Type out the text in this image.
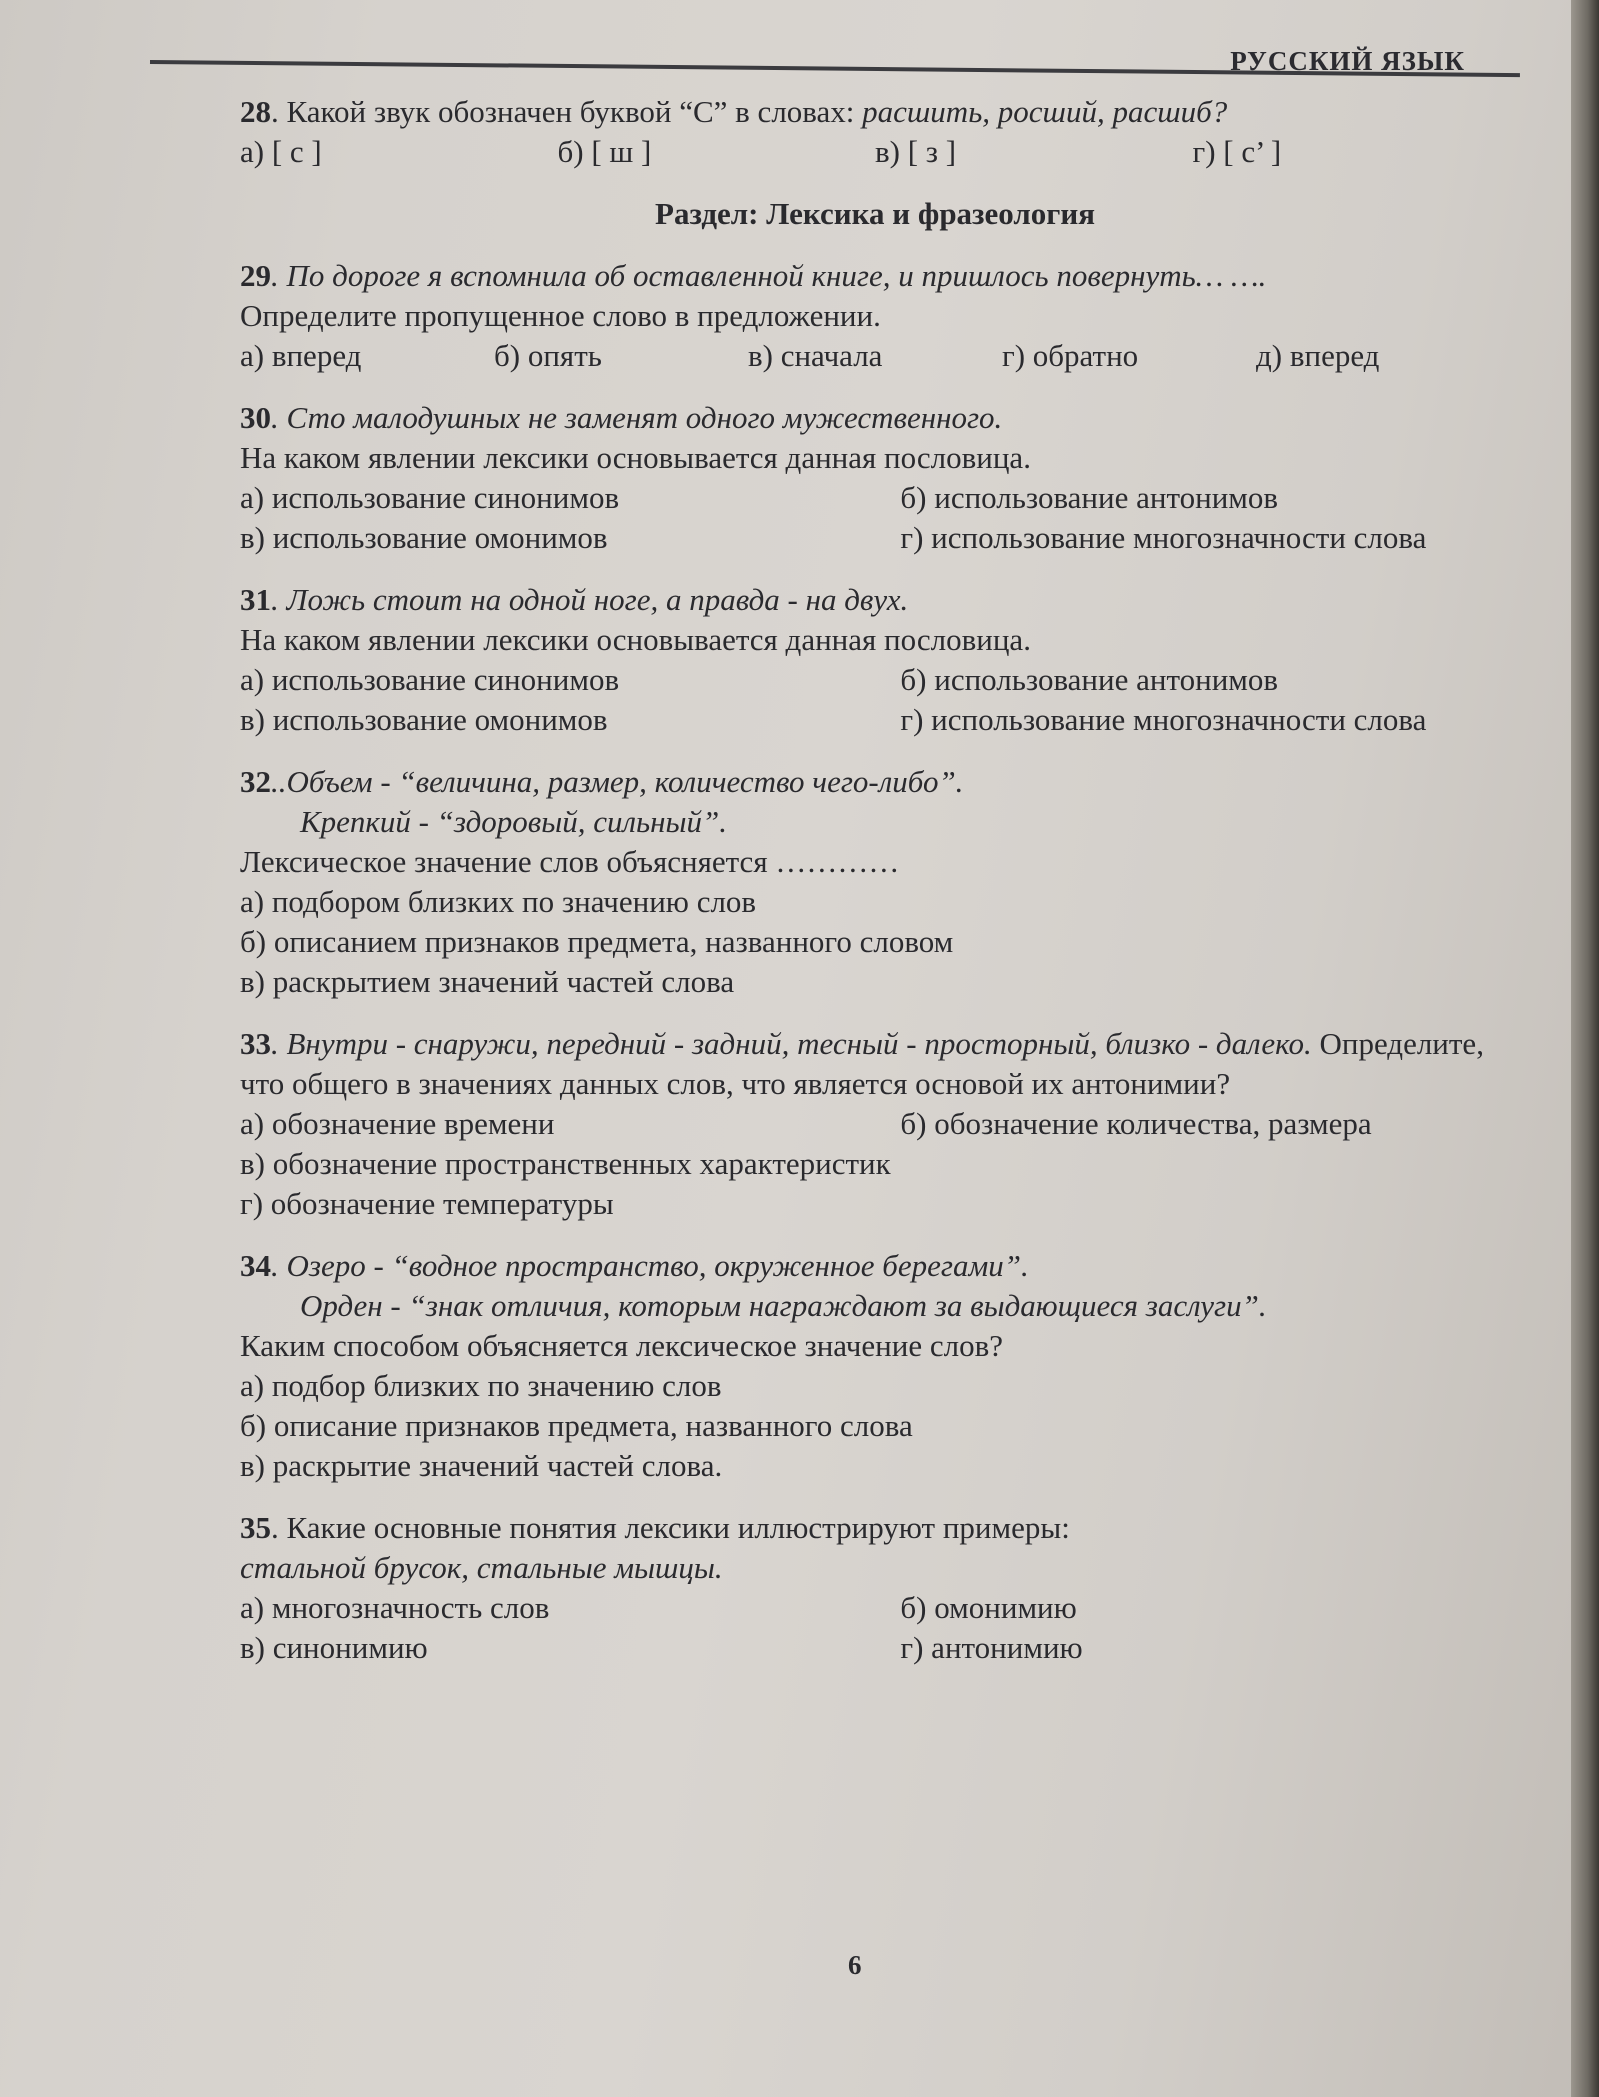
РУССКИЙ ЯЗЫК
28. Какой звук обозначен буквой “С” в словах: расшить, росший, расшиб?
а) [ с ]	б) [ ш ]	в) [ з ]	г) [ с’ ]
Раздел: Лексика и фразеология
29. По дороге я вспомнила об оставленной книге, и пришлось повернуть… ….
Определите пропущенное слово в предложении.
а) вперед	б) опять	в) сначала	г) обратно	д) вперед
30. Сто малодушных не заменят одного мужественного.
На каком явлении лексики основывается данная пословица.
а) использование синонимов	б) использование антонимов
в) использование омонимов	г) использование многозначности слова
31. Ложь стоит на одной ноге, а правда - на двух.
На каком явлении лексики основывается данная пословица.
а) использование синонимов	б) использование антонимов
в) использование омонимов	г) использование многозначности слова
32..Объем - “величина, размер, количество чего-либо”.
Крепкий - “здоровый, сильный”.
Лексическое значение слов объясняется …………
а) подбором близких по значению слов
б) описанием признаков предмета, названного словом
в) раскрытием значений частей слова
33. Внутри - снаружи, передний - задний, тесный - просторный, близко - далеко. Определите, что общего в значениях данных слов, что является основой их антонимии?
а) обозначение времени	б) обозначение количества, размера
в) обозначение пространственных характеристик
г) обозначение температуры
34. Озеро - “водное пространство, окруженное берегами”.
Орден - “знак отличия, которым награждают за выдающиеся заслуги”.
Каким способом объясняется лексическое значение слов?
а) подбор близких по значению слов
б) описание признаков предмета, названного слова
в) раскрытие значений частей слова.
35. Какие основные понятия лексики иллюстрируют примеры:
стальной брусок, стальные мышцы.
а) многозначность слов	б) омонимию
в) синонимию	г) антонимию
6
